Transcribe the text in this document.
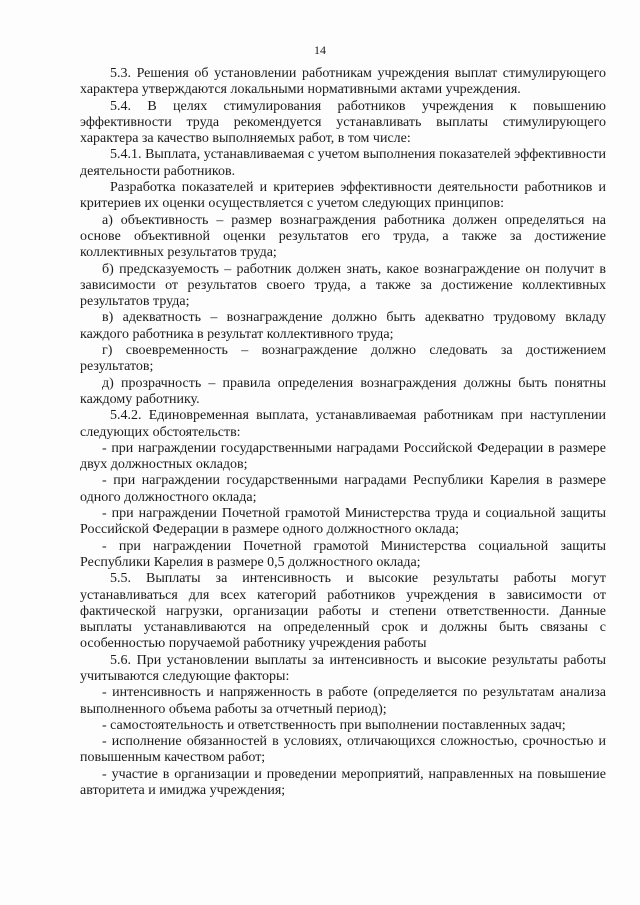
14

5.3. Решения об установлении работникам учреждения выплат стимулирующего характера утверждаются локальными нормативными актами учреждения.

5.4. В целях стимулирования работников учреждения к повышению эффективности труда рекомендуется устанавливать выплаты стимулирующего характера за качество выполняемых работ, в том числе:

5.4.1. Выплата, устанавливаемая с учетом выполнения показателей эффективности деятельности работников.

Разработка показателей и критериев эффективности деятельности работников и критериев их оценки осуществляется с учетом следующих принципов:

а) объективность – размер вознаграждения работника должен определяться на основе объективной оценки результатов его труда, а также за достижение коллективных результатов труда;

б) предсказуемость – работник должен знать, какое вознаграждение он получит в зависимости от результатов своего труда, а также за достижение коллективных результатов труда;

в) адекватность – вознаграждение должно быть адекватно трудовому вкладу каждого работника в результат коллективного труда;

г) своевременность – вознаграждение должно следовать за достижением результатов;

д) прозрачность – правила определения вознаграждения должны быть понятны каждому работнику.

5.4.2. Единовременная выплата, устанавливаемая работникам при наступлении следующих обстоятельств:

- при награждении государственными наградами Российской Федерации в размере двух должностных окладов;

- при награждении государственными наградами Республики Карелия в размере одного должностного оклада;

- при награждении Почетной грамотой Министерства труда и социальной защиты Российской Федерации в размере одного должностного оклада;

- при награждении Почетной грамотой Министерства социальной защиты Республики Карелия в размере 0,5 должностного оклада;

5.5. Выплаты за интенсивность и высокие результаты работы могут устанавливаться для всех категорий работников учреждения в зависимости от фактической нагрузки, организации работы и степени ответственности. Данные выплаты устанавливаются на определенный срок и должны быть связаны с особенностью поручаемой работнику учреждения работы

5.6. При установлении выплаты за интенсивность и высокие результаты работы учитываются следующие факторы:

- интенсивность и напряженность в работе (определяется по результатам анализа выполненного объема работы за отчетный период);

- самостоятельность и ответственность при выполнении поставленных задач;

- исполнение обязанностей в условиях, отличающихся сложностью, срочностью и повышенным качеством работ;

- участие в организации и проведении мероприятий, направленных на повышение авторитета и имиджа учреждения;
